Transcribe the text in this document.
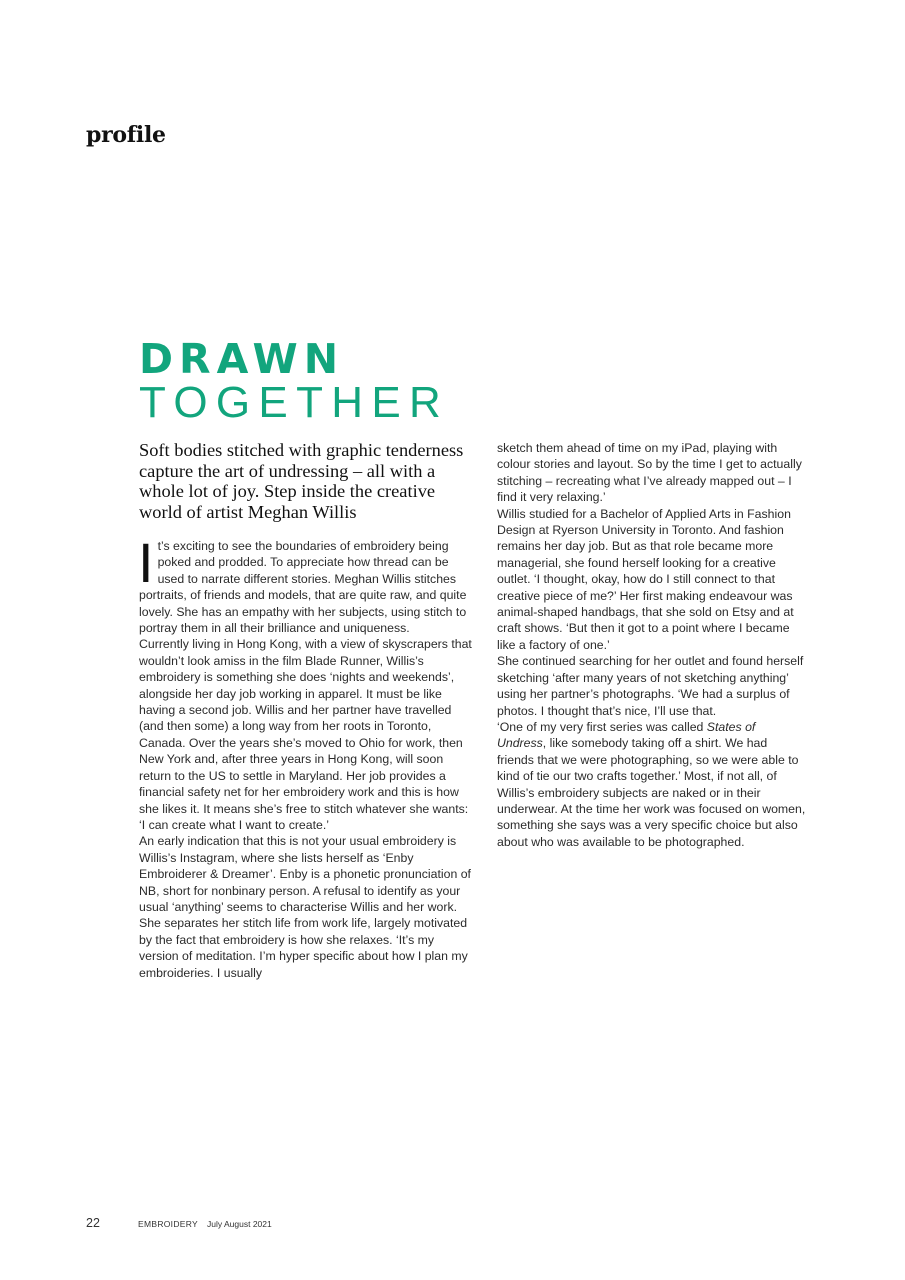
profile
DRAWN
TOGETHER

Soft bodies stitched with graphic tenderness capture the art of undressing – all with a whole lot of joy. Step inside the creative world of artist Meghan Willis

It’s exciting to see the boundaries of embroidery being poked and prodded. To appreciate how thread can be used to narrate different stories. Meghan Willis stitches portraits, of friends and models, that are quite raw, and quite lovely. She has an empathy with her subjects, using stitch to portray them in all their brilliance and uniqueness.

Currently living in Hong Kong, with a view of skyscrapers that wouldn’t look amiss in the film Blade Runner, Willis’s embroidery is something she does ‘nights and weekends’, alongside her day job working in apparel. It must be like having a second job. Willis and her partner have travelled (and then some) a long way from her roots in Toronto, Canada. Over the years she’s moved to Ohio for work, then New York and, after three years in Hong Kong, will soon return to the US to settle in Maryland. Her job provides a financial safety net for her embroidery work and this is how she likes it. It means she’s free to stitch whatever she wants: ‘I can create what I want to create.’

An early indication that this is not your usual embroidery is Willis’s Instagram, where she lists herself as ‘Enby Embroiderer & Dreamer’. Enby is a phonetic pronunciation of NB, short for nonbinary person. A refusal to identify as your usual ‘anything’ seems to characterise Willis and her work. She separates her stitch life from work life, largely motivated by the fact that embroidery is how she relaxes. ‘It’s my version of meditation. I’m hyper specific about how I plan my embroideries. I usually

sketch them ahead of time on my iPad, playing with colour stories and layout. So by the time I get to actually stitching – recreating what I’ve already mapped out – I find it very relaxing.’

Willis studied for a Bachelor of Applied Arts in Fashion Design at Ryerson University in Toronto. And fashion remains her day job. But as that role became more managerial, she found herself looking for a creative outlet. ‘I thought, okay, how do I still connect to that creative piece of me?’ Her first making endeavour was animal-shaped handbags, that she sold on Etsy and at craft shows. ‘But then it got to a point where I became like a factory of one.’

She continued searching for her outlet and found herself sketching ‘after many years of not sketching anything’ using her partner’s photographs. ‘We had a surplus of photos. I thought that’s nice, I’ll use that.

‘One of my very first series was called States of Undress, like somebody taking off a shirt. We had friends that we were photographing, so we were able to kind of tie our two crafts together.’ Most, if not all, of Willis’s embroidery subjects are naked or in their underwear. At the time her work was focused on women, something she says was a very specific choice but also about who was available to be photographed.

22	EMBROIDERY July August 2021
